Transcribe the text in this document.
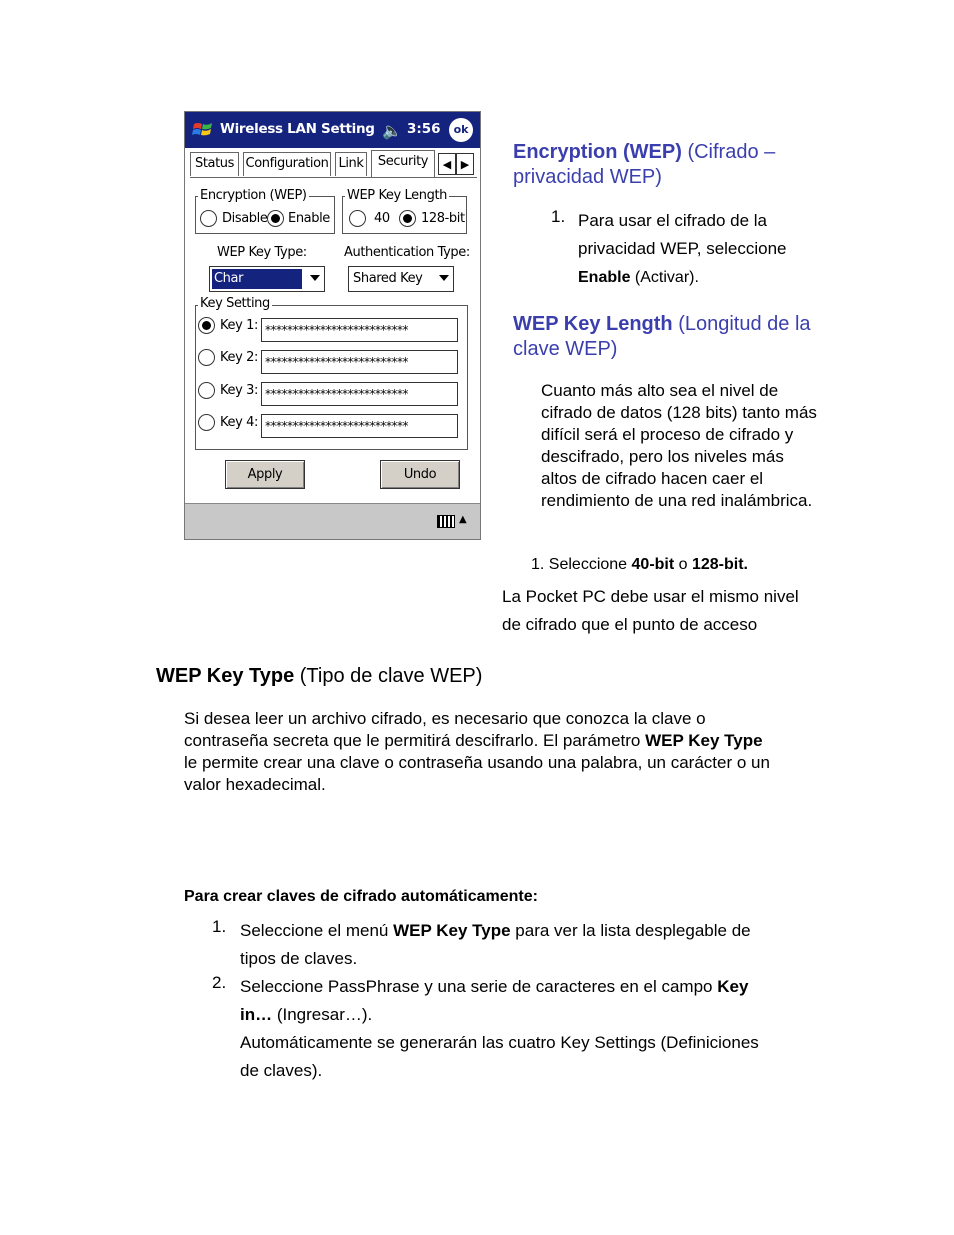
Wireless LAN Setting 🔈 3:56	ok
Status Configuration Link	Security	◀ ▶
Encryption (WEP)
Disable Enable
WEP Key Length
40 128-bit
WEP Key Type:	Authentication Type:
Char	Shared Key
Key Setting
Key 1: **************************
Key 2: **************************
Key 3: **************************
Key 4: **************************
Apply	Undo
▲
Encryption (WEP) (Cifrado –
privacidad WEP)
1. Para usar el cifrado de la
privacidad WEP, seleccione
Enable (Activar).
WEP Key Length (Longitud de la
clave WEP)
Cuanto más alto sea el nivel de
cifrado de datos (128 bits) tanto más
difícil será el proceso de cifrado y
descifrado, pero los niveles más
altos de cifrado hacen caer el
rendimiento de una red inalámbrica.
1. Seleccione 40-bit o 128-bit.
La Pocket PC debe usar el mismo nivel
de cifrado que el punto de acceso
WEP Key Type (Tipo de clave WEP)
Si desea leer un archivo cifrado, es necesario que conozca la clave o
contraseña secreta que le permitirá descifrarlo. El parámetro WEP Key Type
le permite crear una clave o contraseña usando una palabra, un carácter o un
valor hexadecimal.
Para crear claves de cifrado automáticamente:
1. Seleccione el menú WEP Key Type para ver la lista desplegable de
tipos de claves.
2. Seleccione PassPhrase y una serie de caracteres en el campo Key
in… (Ingresar…).
Automáticamente se generarán las cuatro Key Settings (Definiciones
de claves).
